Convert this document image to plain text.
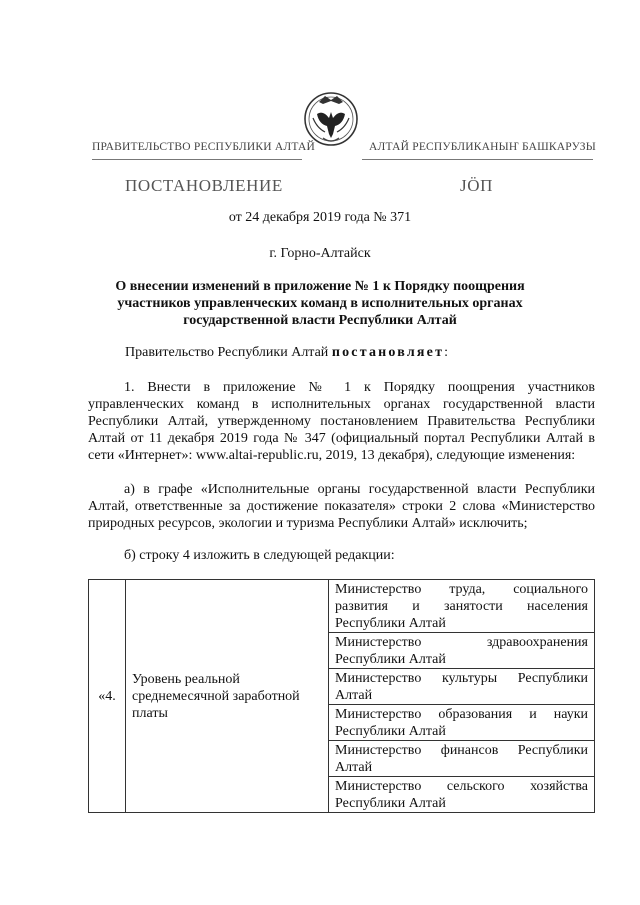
ПРАВИТЕЛЬСТВО РЕСПУБЛИКИ АЛТАЙ	АЛТАЙ РЕСПУБЛИКАНЫҤ БАШКАРУЗЫ
ПОСТАНОВЛЕНИЕ	ЈӦП
от 24 декабря 2019 года № 371
г. Горно-Алтайск
О внесении изменений в приложение № 1 к Порядку поощрения участников управленческих команд в исполнительных органах государственной власти Республики Алтай
Правительство Республики Алтай постановляет:
1. Внести в приложение № 1 к Порядку поощрения участников управленческих команд в исполнительных органах государственной власти Республики Алтай, утвержденному постановлением Правительства Республики Алтай от 11 декабря 2019 года № 347 (официальный портал Республики Алтай в сети «Интернет»: www.altai-republic.ru, 2019, 13 декабря), следующие изменения:
а) в графе «Исполнительные органы государственной власти Республики Алтай, ответственные за достижение показателя» строки 2 слова «Министерство природных ресурсов, экологии и туризма Республики Алтай» исключить;
б) строку 4 изложить в следующей редакции:
«4.	Уровень реальной среднемесячной заработной платы	Министерство труда, социального развития и занятости населения Республики Алтай
Министерство здравоохранения Республики Алтай
Министерство культуры Республики Алтай
Министерство образования и науки Республики Алтай
Министерство финансов Республики Алтай
Министерство сельского хозяйства Республики Алтай
